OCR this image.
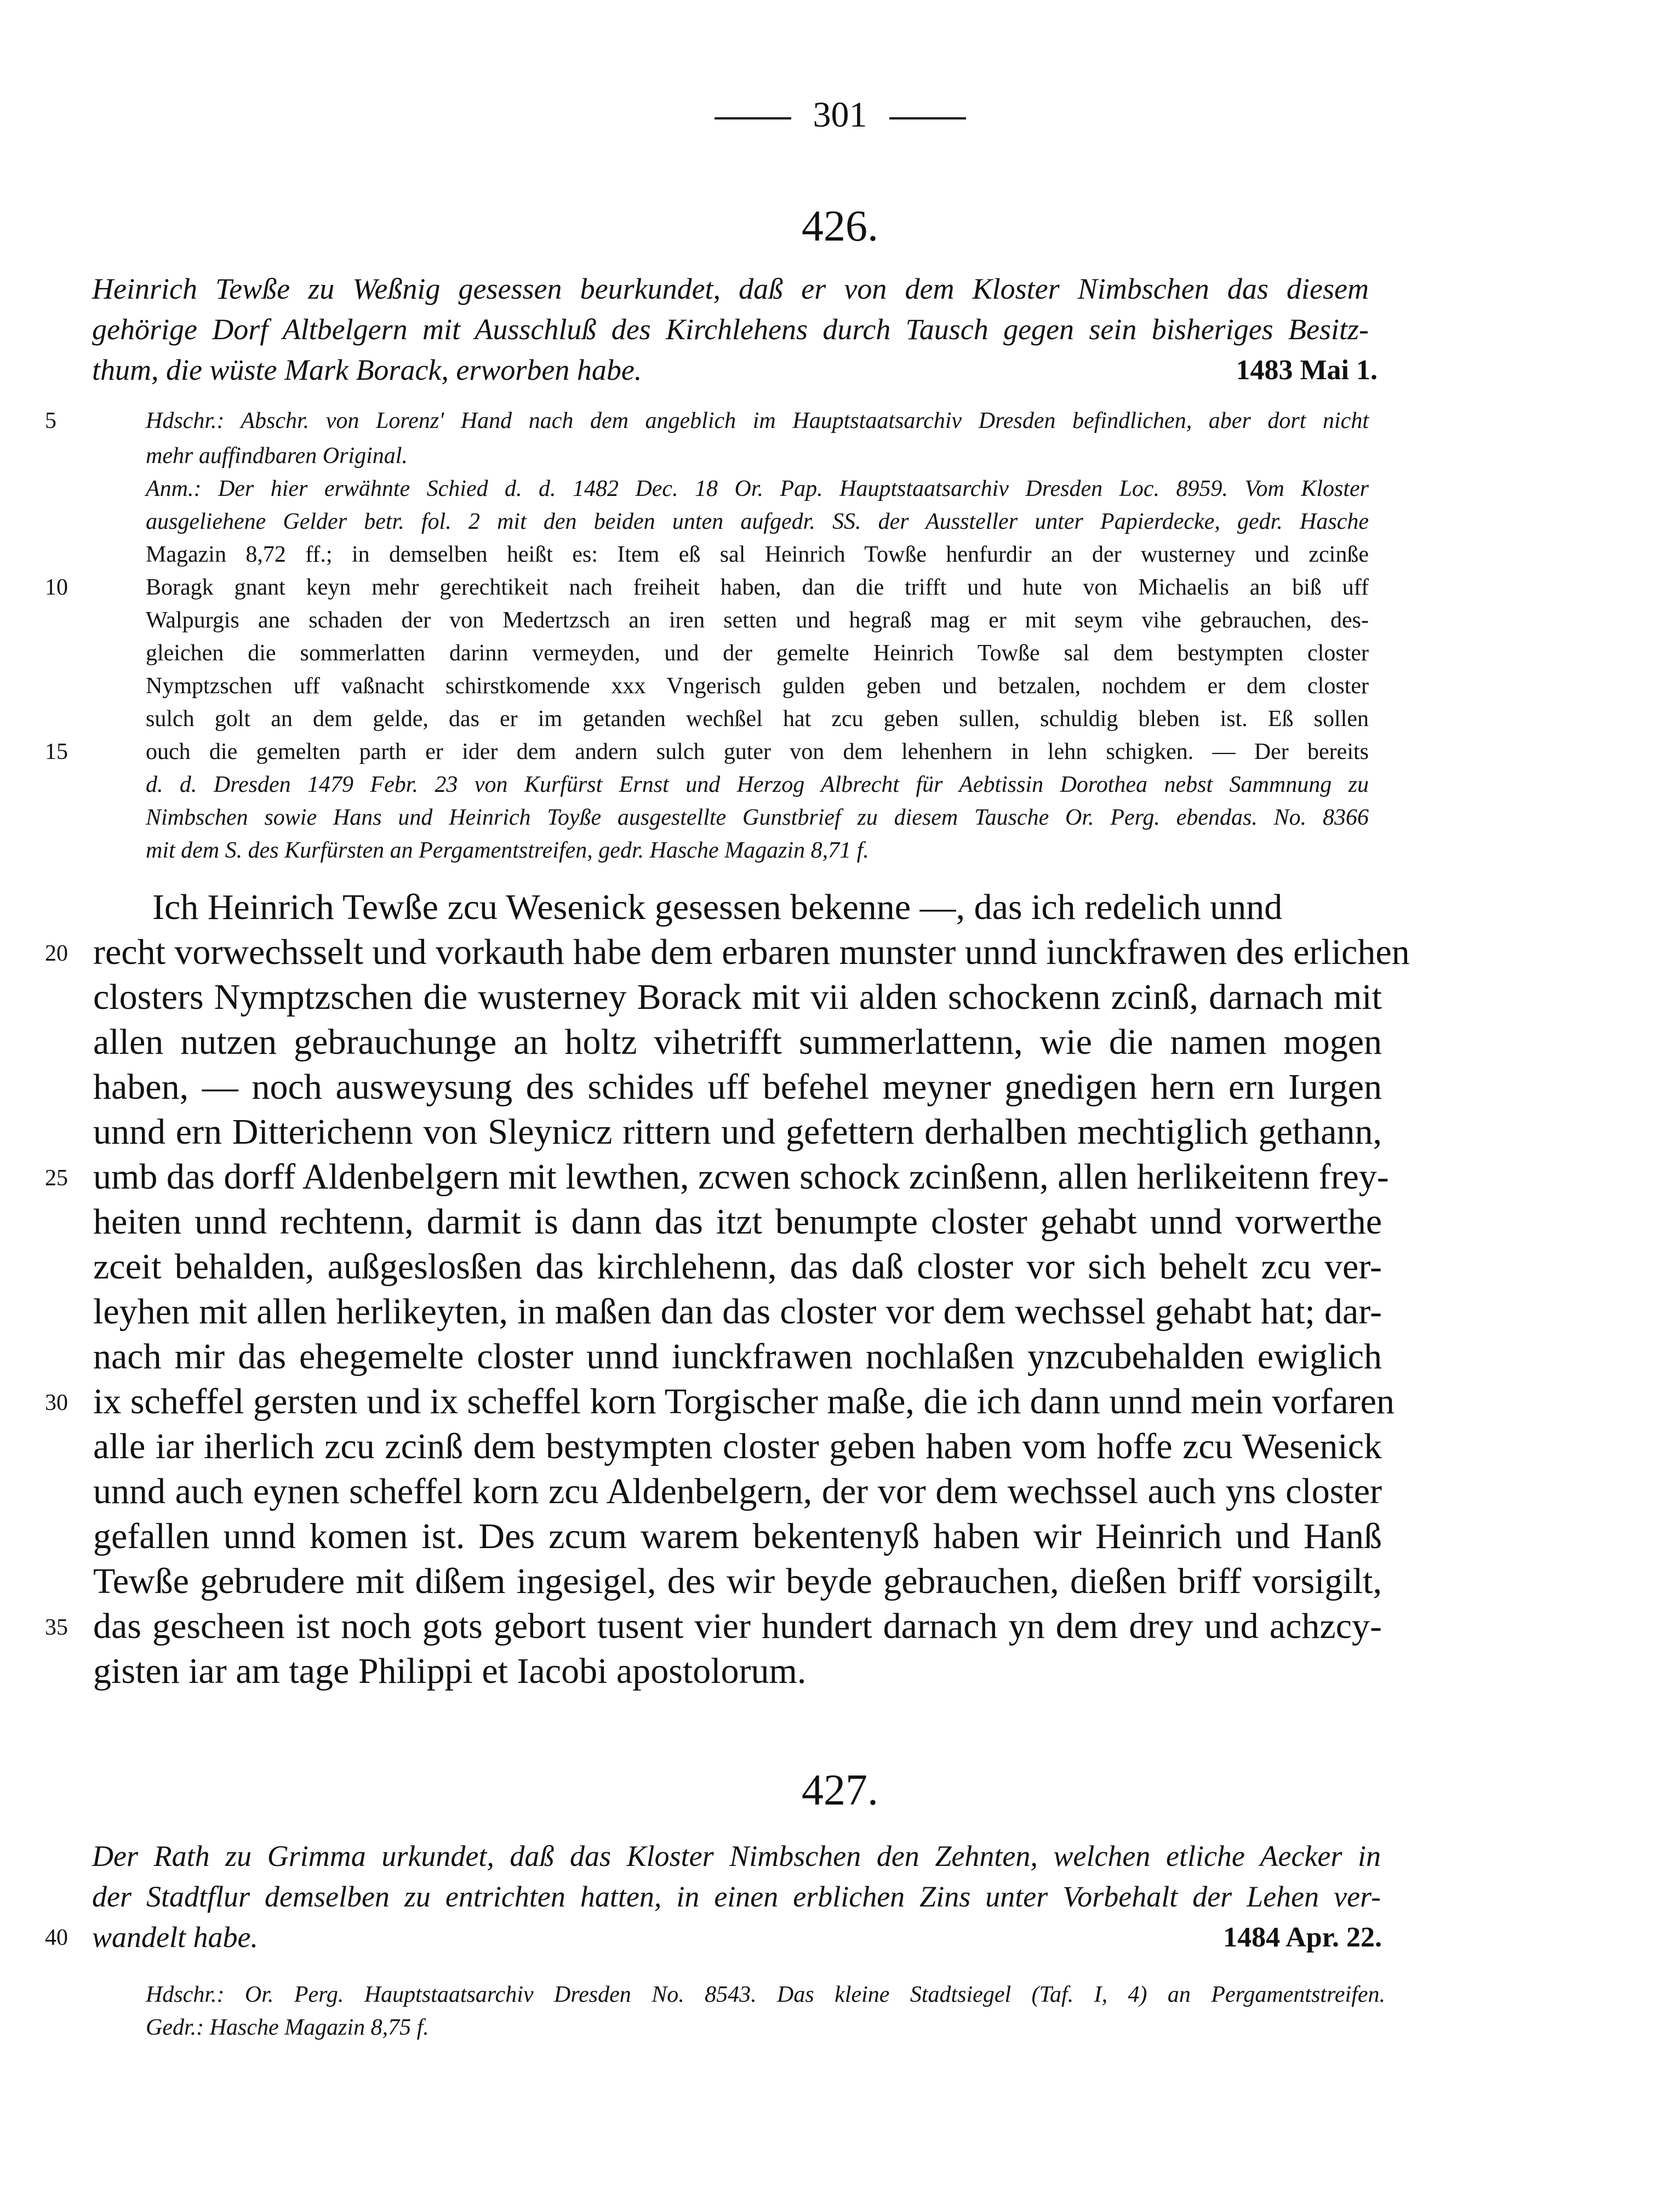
301
426.
Heinrich Tewße zu Weßnig gesessen beurkundet, daß er von dem Kloster Nimbschen das diesem
gehörige Dorf Altbelgern mit Ausschluß des Kirchlehens durch Tausch gegen sein bisheriges Besitz-
thum, die wüste Mark Borack, erworben habe.	1483 Mai 1.
5	Hdschr.: Abschr. von Lorenz' Hand nach dem angeblich im Hauptstaatsarchiv Dresden befindlichen, aber dort nicht
mehr auffindbaren Original.
Anm.: Der hier erwähnte Schied d. d. 1482 Dec. 18 Or. Pap. Hauptstaatsarchiv Dresden Loc. 8959. Vom Kloster
ausgeliehene Gelder betr. fol. 2 mit den beiden unten aufgedr. SS. der Aussteller unter Papierdecke, gedr. Hasche
Magazin 8,72 ff.; in demselben heißt es: Item eß sal Heinrich Towße henfurdir an der wusterney und zcinße
10	Boragk gnant keyn mehr gerechtikeit nach freiheit haben, dan die trifft und hute von Michaelis an biß uff
Walpurgis ane schaden der von Medertzsch an iren setten und hegraß mag er mit seym vihe gebrauchen, des-
gleichen die sommerlatten darinn vermeyden, und der gemelte Heinrich Towße sal dem bestympten closter
Nymptzschen uff vaßnacht schirstkomende xxx Vngerisch gulden geben und betzalen, nochdem er dem closter
sulch golt an dem gelde, das er im getanden wechßel hat zcu geben sullen, schuldig bleben ist. Eß sollen
15	ouch die gemelten parth er ider dem andern sulch guter von dem lehenhern in lehn schigken. — Der bereits
d. d. Dresden 1479 Febr. 23 von Kurfürst Ernst und Herzog Albrecht für Aebtissin Dorothea nebst Sammnung zu
Nimbschen sowie Hans und Heinrich Toyße ausgestellte Gunstbrief zu diesem Tausche Or. Perg. ebendas. No. 8366
mit dem S. des Kurfürsten an Pergamentstreifen, gedr. Hasche Magazin 8,71 f.
Ich Heinrich Tewße zcu Wesenick gesessen bekenne —, das ich redelich unnd
20 recht vorwechsselt und vorkauth habe dem erbaren munster unnd iunckfrawen des erlichen
closters Nymptzschen die wusterney Borack mit vii alden schockenn zcinß, darnach mit
allen nutzen gebrauchunge an holtz vihetrifft summerlattenn, wie die namen mogen
haben, — noch ausweysung des schides uff befehel meyner gnedigen hern ern Iurgen
unnd ern Ditterichenn von Sleynicz rittern und gefettern derhalben mechtiglich gethann,
25 umb das dorff Aldenbelgern mit lewthen, zcwen schock zcinßenn, allen herlikeitenn frey-
heiten unnd rechtenn, darmit is dann das itzt benumpte closter gehabt unnd vorwerthe
zceit behalden, außgeslosßen das kirchlehenn, das daß closter vor sich behelt zcu ver-
leyhen mit allen herlikeyten, in maßen dan das closter vor dem wechssel gehabt hat; dar-
nach mir das ehegemelte closter unnd iunckfrawen nochlaßen ynzcubehalden ewiglich
30 ix scheffel gersten und ix scheffel korn Torgischer maße, die ich dann unnd mein vorfaren
alle iar iherlich zcu zcinß dem bestympten closter geben haben vom hoffe zcu Wesenick
unnd auch eynen scheffel korn zcu Aldenbelgern, der vor dem wechssel auch yns closter
gefallen unnd komen ist. Des zcum warem bekentenyß haben wir Heinrich und Hanß
Tewße gebrudere mit dißem ingesigel, des wir beyde gebrauchen, dießen briff vorsigilt,
35 das gescheen ist noch gots gebort tusent vier hundert darnach yn dem drey und achzcy-
gisten iar am tage Philippi et Iacobi apostolorum.
427.
Der Rath zu Grimma urkundet, daß das Kloster Nimbschen den Zehnten, welchen etliche Aecker in
der Stadtflur demselben zu entrichten hatten, in einen erblichen Zins unter Vorbehalt der Lehen ver-
40 wandelt habe.	1484 Apr. 22.
Hdschr.: Or. Perg. Hauptstaatsarchiv Dresden No. 8543. Das kleine Stadtsiegel (Taf. I, 4) an Pergamentstreifen.
Gedr.: Hasche Magazin 8,75 f.
